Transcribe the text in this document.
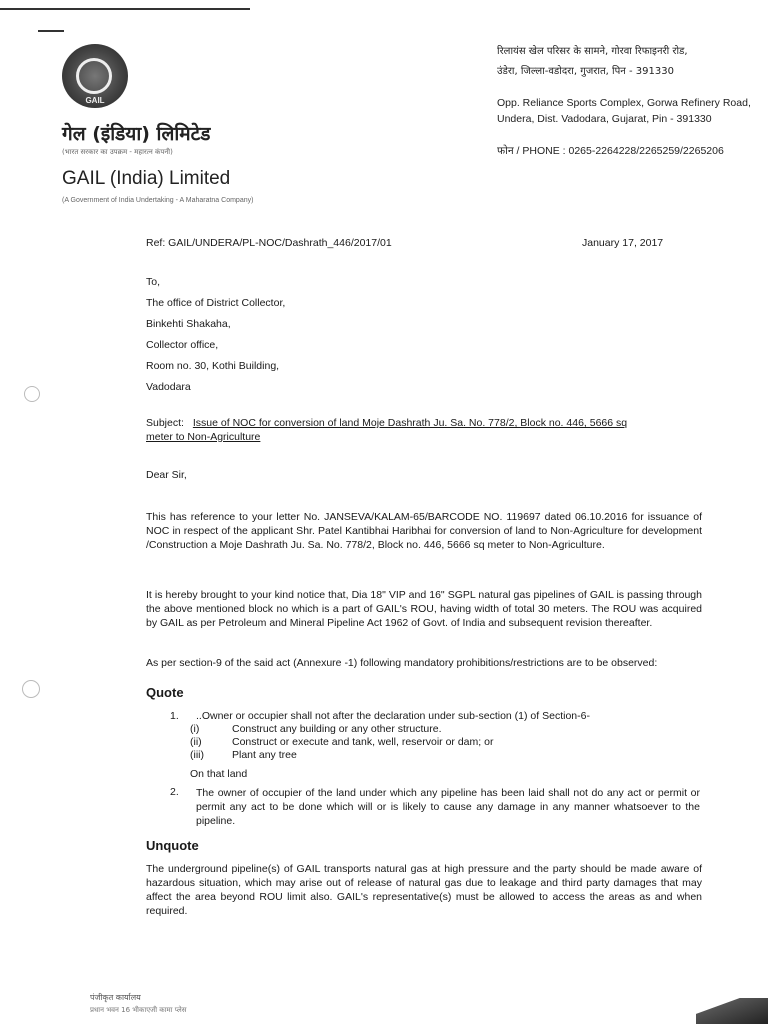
GAIL
गेल (इंडिया) लिमिटेड
(भारत सरकार का उपक्रम - महारत्न कंपनी)
GAIL (India) Limited
(A Government of India Undertaking - A Maharatna Company)
रिलायंस खेल परिसर के सामने, गोरवा रिफाइनरी रोड,
उंडेरा, जिल्ला-वडोदरा, गुजरात, पिन - 391330
Opp. Reliance Sports Complex, Gorwa Refinery Road,
Undera, Dist. Vadodara, Gujarat, Pin - 391330
फोन / PHONE : 0265-2264228/2265259/2265206
Ref: GAIL/UNDERA/PL-NOC/Dashrath_446/2017/01	January 17, 2017
To,
The office of District Collector,
Binkehti Shakaha,
Collector office,
Room no. 30, Kothi Building,
Vadodara
Subject: Issue of NOC for conversion of land Moje Dashrath Ju. Sa. No. 778/2, Block no. 446, 5666 sq
meter to Non-Agriculture
Dear Sir,
This has reference to your letter No. JANSEVA/KALAM-65/BARCODE NO. 119697 dated 06.10.2016 for issuance of NOC in respect of the applicant Shr. Patel Kantibhai Haribhai for conversion of land to Non-Agriculture for development /Construction a Moje Dashrath Ju. Sa. No. 778/2, Block no. 446, 5666 sq meter to Non-Agriculture.
It is hereby brought to your kind notice that, Dia 18" VIP and 16" SGPL natural gas pipelines of GAIL is passing through the above mentioned block no which is a part of GAIL's ROU, having width of total 30 meters. The ROU was acquired by GAIL as per Petroleum and Mineral Pipeline Act 1962 of Govt. of India and subsequent revision thereafter.
As per section-9 of the said act (Annexure -1) following mandatory prohibitions/restrictions are to be observed:
Quote
1.	..Owner or occupier shall not after the declaration under sub-section (1) of Section-6-
(i)	Construct any building or any other structure.
(ii)	Construct or execute and tank, well, reservoir or dam; or
(iii)	Plant any tree
On that land
2.	The owner of occupier of the land under which any pipeline has been laid shall not do any act or permit or permit any act to be done which will or is likely to cause any damage in any manner whatsoever to the pipeline.
Unquote
The underground pipeline(s) of GAIL transports natural gas at high pressure and the party should be made aware of hazardous situation, which may arise out of release of natural gas due to leakage and third party damages that may affect the area beyond ROU limit also. GAIL's representative(s) must be allowed to access the areas as and when required.
पंजीकृत कार्यालय
प्रधान भवन 16 भीकाएजी कामा प्लेस
